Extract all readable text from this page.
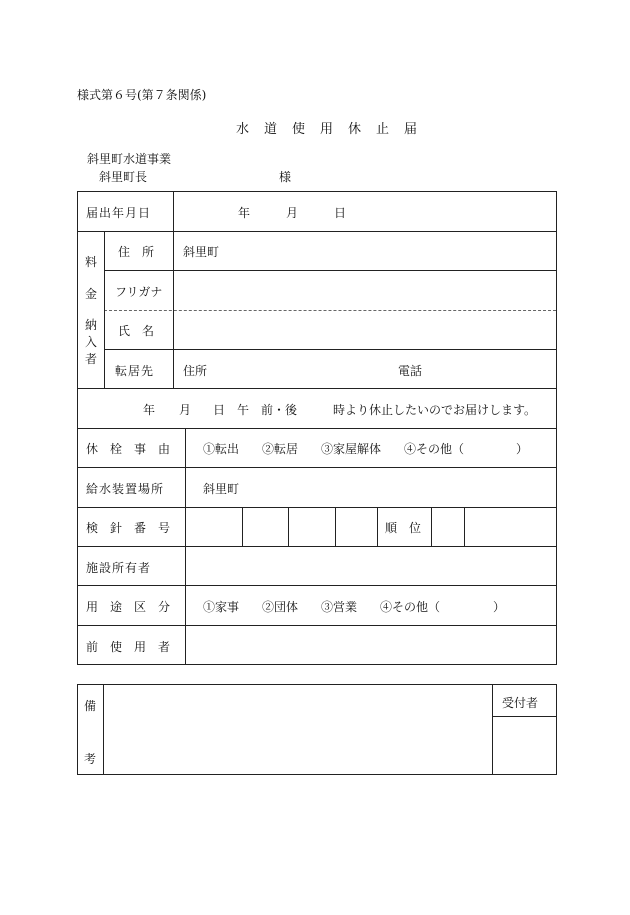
様式第６号(第７条関係)
水　道　使　用　休　止　届
斜里町水道事業
斜里町長	様
届出年月日	年	月	日
料
金
納
入
者
住　所 斜里町
フリガナ
氏　名
転居先 住所	電話
年 月 日 午　前・後	時より休止したいのでお届けします。
休　栓　事　由	①転出 ②転居 ③家屋解体 ④その他（	）
給水装置場所	斜里町
検　針　番　号	順　位
施設所有者
用　途　区　分	①家事 ②団体 ③営業 ④その他（	）
前　使　用　者
備
考
受付者
